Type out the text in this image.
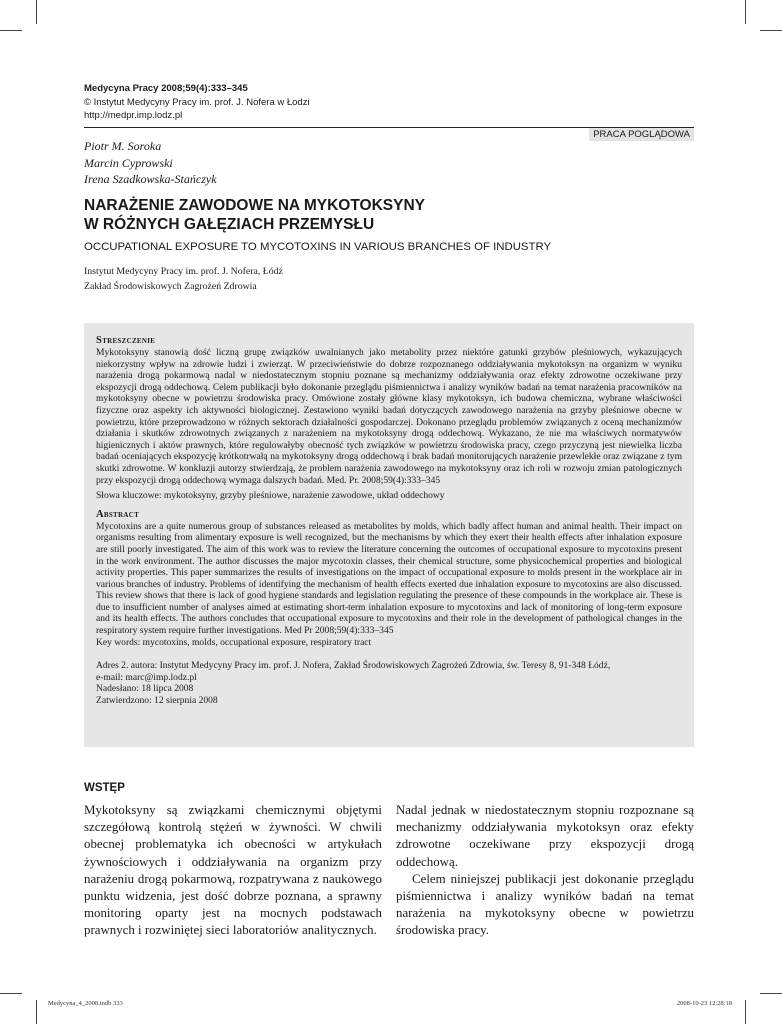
Medycyna Pracy 2008;59(4):333–345
© Instytut Medycyny Pracy im. prof. J. Nofera w Łodzi
http://medpr.imp.lodz.pl
PRACA POGLĄDOWA
Piotr M. Soroka
Marcin Cyprowski
Irena Szadkowska-Stańczyk
NARAŻENIE ZAWODOWE NA MYKOTOKSYNY
W RÓŻNYCH GAŁĘZIACH PRZEMYSŁU
OCCUPATIONAL EXPOSURE TO MYCOTOXINS IN VARIOUS BRANCHES OF INDUSTRY
Instytut Medycyny Pracy im. prof. J. Nofera, Łódź
Zakład Środowiskowych Zagrożeń Zdrowia
Streszczenie

Mykotoksyny stanowią dość liczną grupę związków uwalnianych jako metabolity przez niektóre gatunki grzybów pleśniowych, wykazujących niekorzystny wpływ na zdrowie ludzi i zwierząt. W przeciwieństwie do dobrze rozpoznanego oddziaływania mykotoksyn na organizm w wyniku narażenia drogą pokarmową nadal w niedostatecznym stopniu poznane są mechanizmy oddziaływania oraz efekty zdrowotne oczekiwane przy ekspozycji drogą oddechową. Celem publikacji było dokonanie przeglądu piśmiennictwa i analizy wyników badań na temat narażenia pracowników na mykotoksyny obecne w powietrzu środowiska pracy. Omówione zostały główne klasy mykotoksyn, ich budowa chemiczna, wybrane właściwości fizyczne oraz aspekty ich aktywności biologicznej. Zestawiono wyniki badań dotyczących zawodowego narażenia na grzyby pleśniowe obecne w powietrzu, które przeprowadzono w różnych sektorach działalności gospodarczej. Dokonano przeglądu problemów związanych z oceną mechanizmów działania i skutków zdrowotnych związanych z narażeniem na mykotoksyny drogą oddechową. Wykazano, że nie ma właściwych normatywów higienicznych i aktów prawnych, które regulowałyby obecność tych związków w powietrzu środowiska pracy, czego przyczyną jest niewielka liczba badań oceniających ekspozycję krótkotrwałą na mykotoksyny drogą oddechową i brak badań monitorujących narażenie przewlekłe oraz związane z tym skutki zdrowotne. W konkluzji autorzy stwierdzają, że problem narażenia zawodowego na mykotoksyny oraz ich roli w rozwoju zmian patologicznych przy ekspozycji drogą oddechową wymaga dalszych badań. Med. Pr. 2008;59(4):333–345

Słowa kluczowe: mykotoksyny, grzyby pleśniowe, narażenie zawodowe, układ oddechowy
Abstract

Mycotoxins are a quite numerous group of substances released as metabolites by molds, which badly affect human and animal health. Their impact on organisms resulting from alimentary exposure is well recognized, but the mechanisms by which they exert their health effects after inhalation exposure are still poorly investigated. The aim of this work was to review the literature concerning the outcomes of occupational exposure to mycotoxins present in the work environment. The author discusses the major mycotoxin classes, their chemical structure, some physicochemical properties and biological activity properties. This paper summarizes the results of investigations on the impact of occupational exposure to molds present in the workplace air in various branches of industry. Problems of identifying the mechanism of health effects exerted due inhalation exposure to mycotoxins are also discussed. This review shows that there is lack of good hygiene standards and legislation regulating the presence of these compounds in the workplace air. These is due to insufficient number of analyses aimed at estimating short-term inhalation exposure to mycotoxins and lack of monitoring of long-term exposure and its health effects. The authors concludes that occupational exposure to mycotoxins and their role in the development of pathological changes in the respiratory system require further investigations. Med Pr 2008;59(4):333–345

Key words: mycotoxins, molds, occupational exposure, respiratory tract
Adres 2. autora: Instytut Medycyny Pracy im. prof. J. Nofera, Zakład Środowiskowych Zagrożeń Zdrowia, św. Teresy 8, 91-348 Łódź,
e-mail: marc@imp.lodz.pl
Nadesłano: 18 lipca 2008
Zatwierdzono: 12 sierpnia 2008
WSTĘP

Mykotoksyny są związkami chemicznymi objętymi szczegółową kontrolą stężeń w żywności. W chwili obecnej problematyka ich obecności w artykułach żywnościowych i oddziaływania na organizm przy narażeniu drogą pokarmową, rozpatrywana z naukowego punktu widzenia, jest dość dobrze poznana, a sprawny monitoring oparty jest na mocnych podstawach prawnych i rozwiniętej sieci laboratoriów analitycznych.

Nadal jednak w niedostatecznym stopniu rozpoznane są mechanizmy oddziaływania mykotoksyn oraz efekty zdrowotne oczekiwane przy ekspozycji drogą oddechową.

Celem niniejszej publikacji jest dokonanie przeglądu piśmiennictwa i analizy wyników badań na temat narażenia na mykotoksyny obecne w powietrzu środowiska pracy.

Medycyna_4_2008.indb 333	2008-10-23 12:28:18
